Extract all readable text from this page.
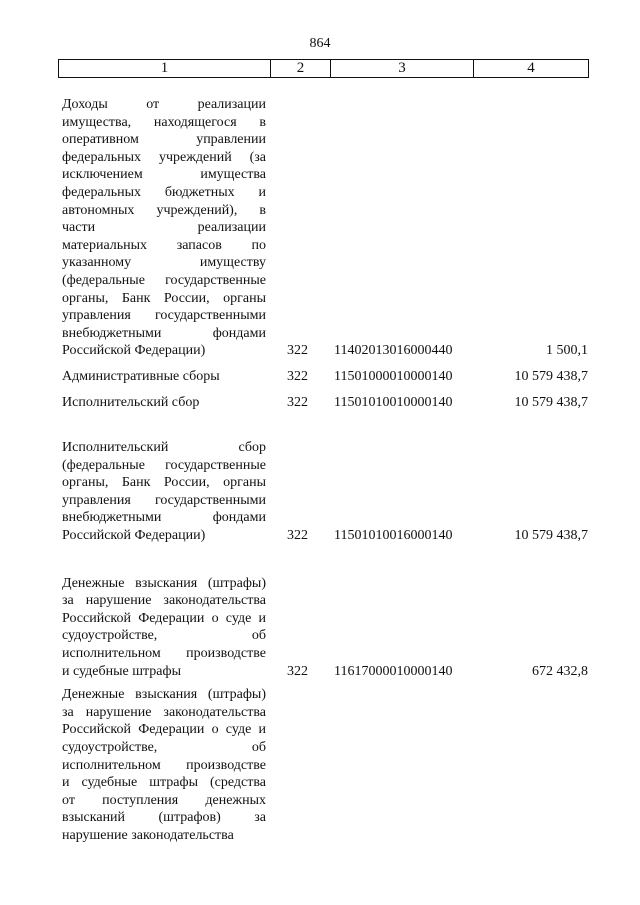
864
1	2	3	4
Доходы от реализации
имущества, находящегося в
оперативном управлении
федеральных учреждений (за
исключением имущества
федеральных бюджетных и
автономных учреждений), в
части реализации
материальных запасов по
указанному имуществу
(федеральные государственные
органы, Банк России, органы
управления государственными
внебюджетными фондами
Российской Федерации)	322	11402013016000440	1 500,1
Административные сборы	322	11501000010000140	10 579 438,7
Исполнительский сбор	322	11501010010000140	10 579 438,7
Исполнительский сбор
(федеральные государственные
органы, Банк России, органы
управления государственными
внебюджетными фондами
Российской Федерации)	322	11501010016000140	10 579 438,7
Денежные взыскания (штрафы)
за нарушение законодательства
Российской Федерации о суде и
судоустройстве, об
исполнительном производстве
и судебные штрафы	322	11617000010000140	672 432,8
Денежные взыскания (штрафы)
за нарушение законодательства
Российской Федерации о суде и
судоустройстве, об
исполнительном производстве
и судебные штрафы (средства
от поступления денежных
взысканий (штрафов) за
нарушение законодательства
